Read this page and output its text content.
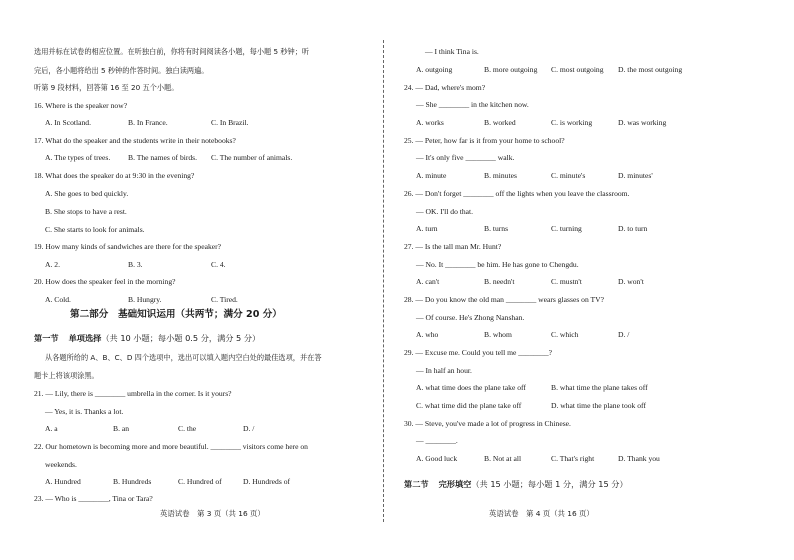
选用并标在试卷的相应位置。在听独白前，你将有时间阅读各小题，每小题 5 秒钟；听
完后，各小题将给出 5 秒钟的作答时间。独白读两遍。
听第 9 段材料，回答第 16 至 20 五个小题。
16. Where is the speaker now?
A. In Scotland.	B. In France.	C. In Brazil.
17. What do the speaker and the students write in their notebooks?
A. The types of trees. B. The names of birds. C. The number of animals.
18. What does the speaker do at 9:30 in the evening?
A. She goes to bed quickly.
B. She stops to have a rest.
C. She starts to look for animals.
19. How many kinds of sandwiches are there for the speaker?
A. 2.	B. 3.	C. 4.
20. How does the speaker feel in the morning?
A. Cold.	B. Hungry.	C. Tired.
第二部分　基础知识运用（共两节；满分 20 分）
第一节 单项选择（共 10 小题；每小题 0.5 分，满分 5 分）
从各题所给的 A、B、C、D 四个选项中，选出可以填入题内空白处的最佳选项，并在答
题卡上将该项涂黑。
21. — Lily, there is ________ umbrella in the corner. Is it yours?
— Yes, it is. Thanks a lot.
A. a	B. an	C. the	D. /
22. Our hometown is becoming more and more beautiful. ________ visitors come here on
weekends.
A. Hundred	B. Hundreds	C. Hundred of	D. Hundreds of
23. — Who is ________, Tina or Tara?
英语试卷　第 3 页（共 16 页）
— I think Tina is.
A. outgoing	B. more outgoing C. most outgoing D. the most outgoing
24. — Dad, where's mom?
— She ________ in the kitchen now.
A. works	B. worked	C. is working	D. was working
25. — Peter, how far is it from your home to school?
— It's only five ________ walk.
A. minute	B. minutes	C. minute's	D. minutes'
26. — Don't forget ________ off the lights when you leave the classroom.
— OK. I'll do that.
A. turn	B. turns	C. turning	D. to turn
27. — Is the tall man Mr. Hunt?
— No. It ________ be him. He has gone to Chengdu.
A. can't	B. needn't	C. mustn't	D. won't
28. — Do you know the old man ________ wears glasses on TV?
— Of course. He's Zhong Nanshan.
A. who	B. whom	C. which	D. /
29. — Excuse me. Could you tell me ________?
— In half an hour.
A. what time does the plane take off	B. what time the plane takes off
C. what time did the plane take off	D. what time the plane took off
30. — Steve, you've made a lot of progress in Chinese.
— ________.
A. Good luck	B. Not at all	C. That's right	D. Thank you
第二节 完形填空（共 15 小题；每小题 1 分，满分 15 分）
英语试卷　第 4 页（共 16 页）
